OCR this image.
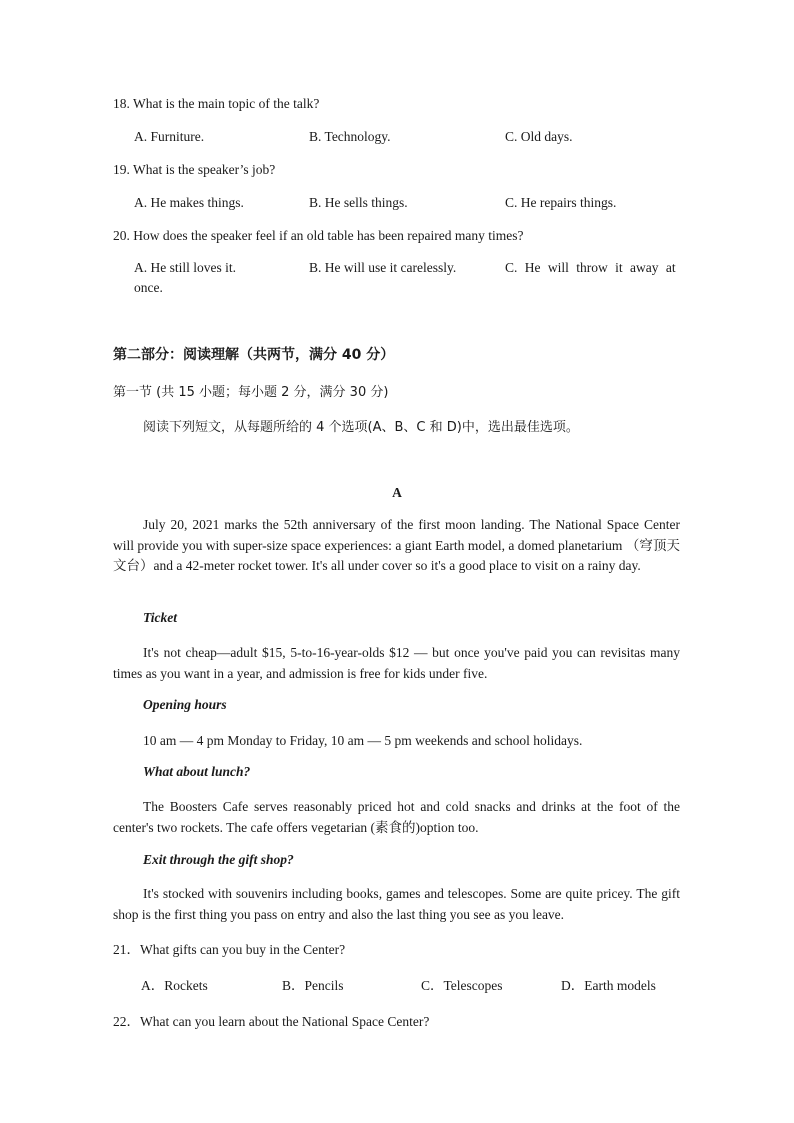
18. What is the main topic of the talk?
A. Furniture.	B. Technology.	C. Old days.
19. What is the speaker’s job?
A. He makes things.	B. He sells things.	C. He repairs things.
20. How does the speaker feel if an old table has been repaired many times?
A. He still loves it.	B. He will use it carelessly.	C. He will throw it away at
once.
第二部分：阅读理解（共两节，满分 40 分）
第一节 (共 15 小题；每小题 2 分，满分 30 分)
阅读下列短文，从每题所给的 4 个选项(A、B、C 和 D)中，选出最佳选项。
A
July 20, 2021 marks the 52th anniversary of the first moon landing. The National Space Center will provide you with super-size space experiences: a giant Earth model, a domed planetarium （穹顶天文台）and a 42-meter rocket tower. It's all under cover so it's a good place to visit on a rainy day.
Ticket
It's not cheap—adult $15, 5-to-16-year-olds $12 — but once you've paid you can revisitas many times as you want in a year, and admission is free for kids under five.
Opening hours
10 am — 4 pm Monday to Friday, 10 am — 5 pm weekends and school holidays.
What about lunch?
The Boosters Cafe serves reasonably priced hot and cold snacks and drinks at the foot of the center's two rockets. The cafe offers vegetarian (素食的)option too.
Exit through the gift shop?
It's stocked with souvenirs including books, games and telescopes. Some are quite pricey. The gift shop is the first thing you pass on entry and also the last thing you see as you leave.
21．What gifts can you buy in the Center?
A．Rockets	B．Pencils	C．Telescopes	D．Earth models
22．What can you learn about the National Space Center?
